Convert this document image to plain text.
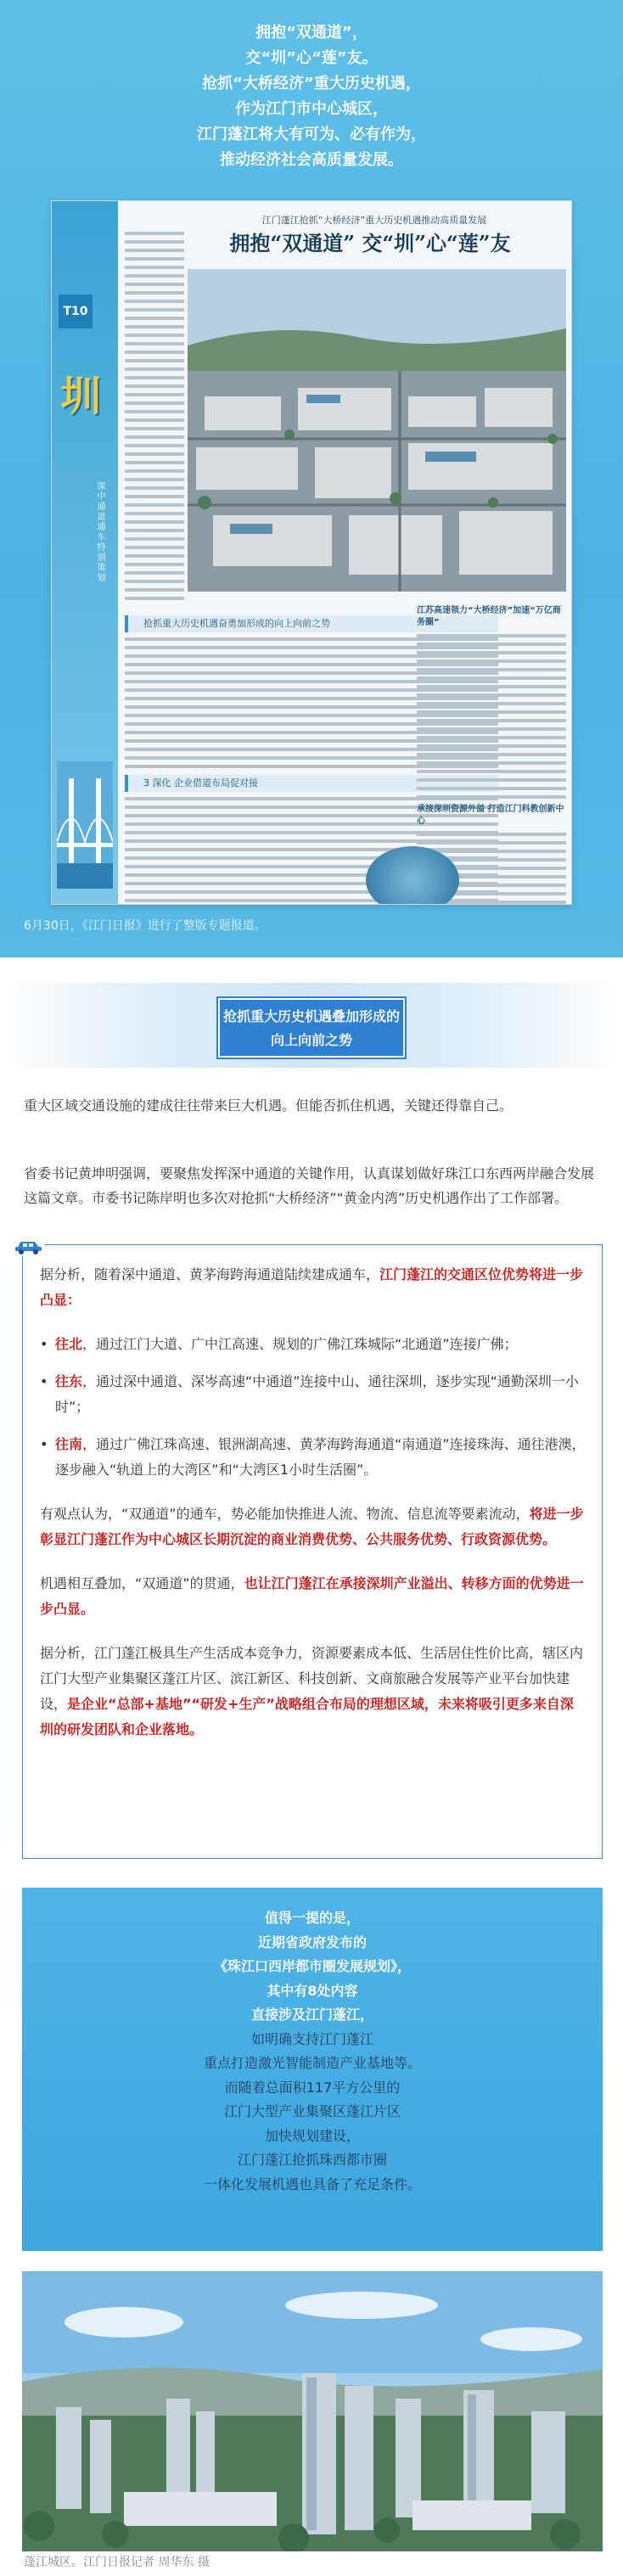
拥抱“双通道”，
交“圳”心“莲”友。
抢抓“大桥经济”重大历史机遇，
作为江门市中心城区，
江门蓬江将大有可为、必有作为，
推动经济社会高质量发展。
T10
圳
深中通道通车特别策划
江门蓬江抢抓“大桥经济”重大历史机遇推动高质量发展
拥抱“双通道” 交“圳”心“莲”友
抢抓重大历史机遇奋勇加形成的向上向前之势
3 深化 企业借道布局促对接
江苏高速领力“大桥经济”加速“万亿商务圈”
承接深圳资源外溢 打造江门科教创新中心
6月30日，《江门日报》进行了整版专题报道。
抢抓重大历史机遇叠加形成的
向上向前之势

重大区域交通设施的建成往往带来巨大机遇。但能否抓住机遇，关键还得靠自己。

省委书记黄坤明强调，要聚焦发挥深中通道的关键作用，认真谋划做好珠江口东西两岸融合发展这篇文章。市委书记陈岸明也多次对抢抓“大桥经济”“黄金内湾”历史机遇作出了工作部署。

据分析，随着深中通道、黄茅海跨海通道陆续建成通车，江门蓬江的交通区位优势将进一步凸显：

• 往北，通过江门大道、广中江高速、规划的广佛江珠城际“北通道”连接广佛；
• 往东，通过深中通道、深岑高速“中通道”连接中山、通往深圳，逐步实现“通勤深圳一小时”；
• 往南，通过广佛江珠高速、银洲湖高速、黄茅海跨海通道“南通道”连接珠海、通往港澳，逐步融入“轨道上的大湾区”和“大湾区1小时生活圈”。

有观点认为，“双通道”的通车，势必能加快推进人流、物流、信息流等要素流动，将进一步彰显江门蓬江作为中心城区长期沉淀的商业消费优势、公共服务优势、行政资源优势。

机遇相互叠加，“双通道”的贯通，也让江门蓬江在承接深圳产业溢出、转移方面的优势进一步凸显。

据分析，江门蓬江极具生产生活成本竞争力，资源要素成本低、生活居住性价比高，辖区内江门大型产业集聚区蓬江片区、滨江新区、科技创新、文商旅融合发展等产业平台加快建设，是企业“总部+基地”“研发+生产”战略组合布局的理想区域，未来将吸引更多来自深圳的研发团队和企业落地。

值得一提的是，
近期省政府发布的
《珠江口西岸都市圈发展规划》，
其中有8处内容
直接涉及江门蓬江，
如明确支持江门蓬江
重点打造激光智能制造产业基地等。
而随着总面积117平方公里的
江门大型产业集聚区蓬江片区
加快规划建设，
江门蓬江抢抓珠西都市圈
一体化发展机遇也具备了充足条件。
蓬江城区。江门日报记者 周华东 摄
